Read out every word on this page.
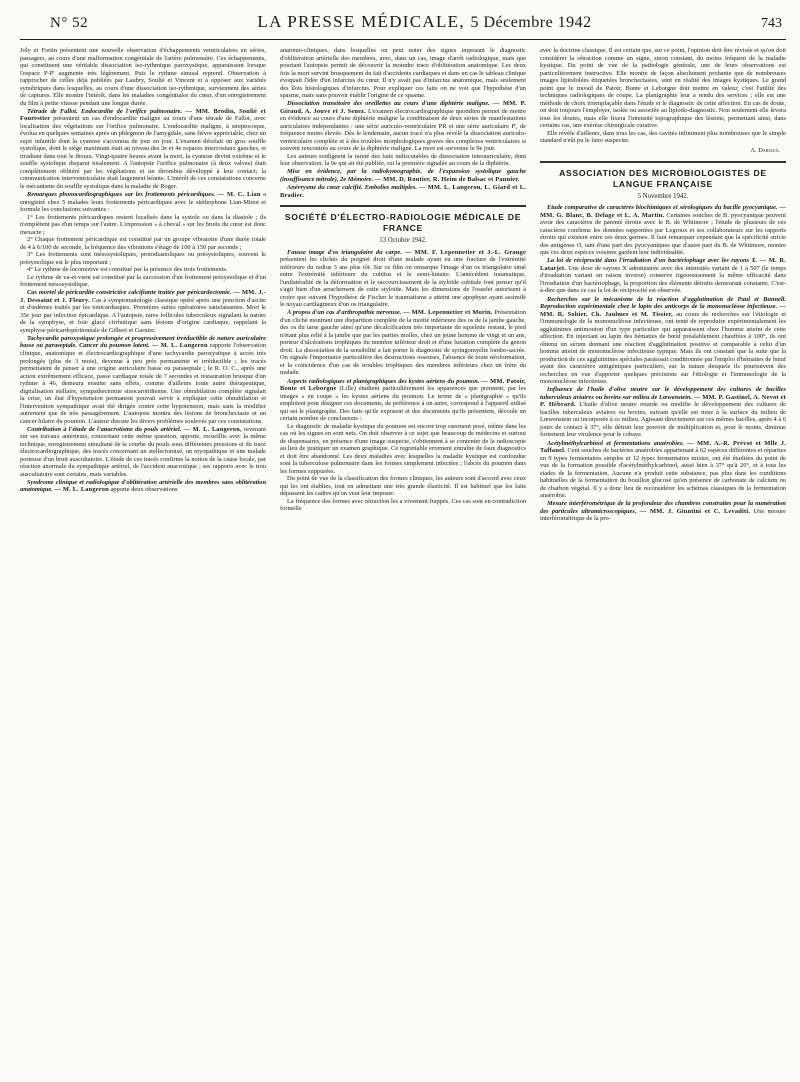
N° 52	LA PRESSE MÉDICALE, 5 Décembre 1942	743

Joly et Fortin présentent une nouvelle observation d'échappements ventriculaires en séries, passagers, au cours d'une malformation congénitale de l'artère pulmonaire. Ces échappements, qui constituent une véritable dissociation iso-rythmique paroxystique, apparaissent lorsque l'espace P-P' augmente très légèrement. Puis le rythme sinusal reprend. Observation à rapprocher de celles déjà publiées par Laubry, Soulié et Vincent et à opposer aux variétés symétriques dans lesquelles, au cours d'une dissociation iso-rythmique, surviennent des séries de captures. Elle montre l'intérêt, dans les maladies congénitales du cœur, d'un enregistrement du film à petite vitesse pendant une longue durée.

Tétrade de Fallot. Endocardite de l'orifice pulmonaire. — MM. Brodin, Soulié et Fourestier présentent un cas d'endocardite maligne au cours d'une tétrade de Fallot, avec localisation des végétations sur l'orifice pulmonaire. L'endocardite maligne, à streptocoque, évolua en quelques semaines après un phlegmon de l'amygdale, sans fièvre appréciable, chez un sujet infantile dont la cyanose s'accentua de jour en jour. L'examen décelait un gros souffle systolique, dont le siège maximum était au niveau des 3e et 4e espaces intercostaux gauches, et irradiant dans tout le thorax. Vingt-quatre heures avant la mort, la cyanose devint extrême et le souffle systolique disparut totalement. A l'autopsie l'orifice pulmonaire (à deux valves) était complètement oblitéré par les végétations et un thrombus développé à leur contact; la communication interventriculaire était largement béante. L'intérêt de ces constatations concerne le mécanisme du souffle systolique dans la maladie de Roger.

Remarques phonocardiographiques sur les frottements péricardiques. — M. C. Lian a enregistré chez 5 malades leurs frottements péricardiques avec le stéthophone Lian-Minot et formule les conclusions suivantes :

1° Les frottements péricardiques restent localisés dans la systole ou dans la diastole ; ils n'empiètent pas d'un temps sur l'autre. L'expression « à cheval » sur les bruits du cœur est donc inexacte ;

2° Chaque frottement péricardique est constitué par un groupe vibratoire d'une durée totale de 4 à 6/100 de seconde, la fréquence des vibrations s'étage de 100 à 150 par seconde ;

3° Les frottements sont mésosystoliques, protodiastoliques ou présystoliques, souvent le présystolique est le plus important ;

4° Le rythme de locomotive est constitué par la présence des trois frottements.

Le rythme de va-et-vient est constitué par la succession d'un frottement présystolique et d'un frottement mésosystolique.

Cas mortel de péricardite constrictive calcifiante traitée par péricardectomie. — MM. J.-J. Dessaint et J. Fleury. Cas à symptomatologie classique opéré après une ponction d'ascite et d'œdèmes traités par les tonicardiaques. Premières suites opératoires satisfaisantes. Mort le 35e jour par infection épicardique. A l'autopsie, rares follicules tuberculeux signalant la nature de la symphyse, et foie glacé cirrhotique sans lésions d'origine cardiaque, rappelant la symphyse péricardopéritonéale de Gilbert et Garnier.

Tachycardie paroxystique prolongée et progressivement irréductible de nature auriculaire basse ou paraseptale. Cancer du poumon latent. — M. L. Langeron rapporte l'observation clinique, anatomique et électrocardiographique d'une tachycardie paroxystique à accès très prolongés (plus de 3 mois), devenue à peu près permanente et irréductible ; les tracés permettaient de penser à une origine auriculaire basse ou paraseptale ; le R. O. C., après une action extrêmement efficace, passe cardiaque totale de 7 secondes et restauration brusque d'un rythme à 46, demeura ensuite sans effets, comme d'ailleurs toute autre thérapeutique, digitalisation stellaire, sympathectomie sinocarotidienne. Une obnubilation complète signalait la crise, un état d'hypotension permanent pouvait servir à expliquer cette obnubilation et l'intervention sympathique avait été dirigée contre cette hypotension, mais sans la modifier autrement que de très passagèrement. L'autopsie montra des lésions de bronchectasie et un cancer hilaire du poumon. L'auteur discute les divers problèmes soulevés par ces constatations.

Contribution à l'étude de l'anacrotisme du pouls artériel. — M. L. Langeron, revenant sur ses travaux antérieurs, concernant cette même question, apporte, recueillis avec la même technique, enregistrement simultané de la courbe du pouls sous différentes pressions et du tracé électrocardiographique, des tracés concernant un stellectomisé, un myopathique et une malade porteuse d'un bruit auscultatoire. L'étude de ces tracés confirme la notion de la cause locale, par réaction anormale du sympathique artériel, de l'accident anacrotique ; ses rapports avec le trou auscultatoire sont certains, mais variables.

Syndrome clinique et radiologique d'oblitération artérielle des membres sans oblitération anatomique. — M. L. Langeron apporte deux observations

anatomo-cliniques, dans lesquelles on peut noter des signes imposant le diagnostic d'oblitération artérielle des membres, avec, dans un cas, image d'arrêt radiologique, mais que pourtant l'autopsie permit de découvrir la moindre trace d'oblitération anatomique. Les deux fois la mort survint brusquement du fait d'accidents cardiaques et dans un cas le tableau clinique évoquait l'idée d'un infarctus du cœur. Il n'y avait pas d'infarctus anatomique, mais seulement des îlots histologiques d'infarctus. Pour expliquer ces faits on ne voit que l'hypothèse d'un spasme, mais sans pouvoir établir l'origine de ce spasme.

Dissociation transitoire des oreillettes au cours d'une diphtérie maligne. — MM. P. Giraud, A. Jouve et J. Senez. L'examen électrocardiographique quotidien permet de mettre en évidence au cours d'une diphtérie maligne la combinaison de deux séries de manifestations auriculaires indépendantes : une série auriculo-ventriculaire PR et une série auriculaire P', de fréquence moins élevée. Dès le lendemain, aucun tracé n'a plus révélé la dissociation auriculo-ventriculaire complète et à des troubles morphologiques graves des complexes ventriculaires si souvent rencontrés au cours de la diphtérie maligne. La mort est survenue le 9e jour.

Les auteurs soulignent la rareté des faits indiscutables de dissociation interauriculaire, dont leur observation, la 9e qui ait été publiée, est la première signalée au cours de la diphtérie.

Mise en évidence, par la radiokymographie, de l'expansion systolique gauche (insuffisance mitrale), 2e Mémoire. — MM. D. Routier, R. Heim de Balsac et Pannier.

Anévrysme du cœur calcifié. Embolies multiples. — MM. L. Langeron, L. Giard et L. Bradier.

SOCIÉTÉ D'ÉLECTRO-RADIOLOGIE MÉDICALE DE FRANCE
13 Octobre 1942.

Fausse image d'os triangulaire du carpe. — MM. F. Lepennetier et J.-L. Grange présentent les clichés du poignet droit d'une malade ayant eu une fracture de l'extrémité inférieure du radius 3 ans plus tôt. Sur ce film on remarque l'image d'un os triangulaire situé entre l'extrémité inférieure du cubitus et le semi-lunaire. L'antécédent traumatique, l'unilatéralité de la déformation et le raccourcissement de la styloïde cubitale font penser qu'il s'agit bien d'un arrachement de cette styloïde. Mais les dimensions de l'osselet autorisent à croire que suivant l'hypothèse de Fischer le traumatisme a atteint une apophyse ayant assimilé le noyau cartilagineux d'un os triangulaire.

A propos d'un cas d'arthropathie nerveuse. — MM. Lepennetier et Morin. Présentation d'un cliché montrant une disparition complète de la moitié inférieure des os de la jambe gauche, des os du tarse gauche ainsi qu'une décalcification très importante du squelette restant, le pied n'étant plus relié à la jambe que par les parties molles, chez un jeune homme de vingt et un ans, porteur d'ulcérations trophiques du membre inférieur droit et d'une luxation complète du genou droit. La dissociation de la sensibilité a fait porter le diagnostic de syringomyélie lombo-sacrée. On signale l'importance particulière des destructions osseuses, l'absence de toute néoformation, et la coïncidence d'un cas de troubles trophiques des membres inférieurs chez un frère du malade.

Aspects radiologiques et planigraphiques des kystes aériens du poumon. — MM. Patoir, Bonte et Leborgne (Lille) étudient particulièrement les apparences que prennent, par les images « en coupe » les kystes aériens du poumon. Le terme de « planigraphie » qu'ils emploient pour désigner ces documents, de préférence à un autre, correspond à l'appareil utilisé qui est le planigraphe. Des faits qu'ils exposent et des documents qu'ils présentent, découle un certain nombre de conclusions :

Le diagnostic de maladie kystique du poumon est encore trop rarement posé, même dans les cas où les signes en sont nets. On doit observer à ce sujet que beaucoup de médecins et surtout de dispensaires, en présence d'une image suspecte, s'obtiennent à se contenter de la radioscopie au lieu de pratiquer un examen graphique. Ce regrettable errement entraîne de faux diagnostics et doit être abandonné. Les deux maladies avec lesquelles la maladie kystique est confondue sont la tuberculose pulmonaire dans les formes simplement infectées ; l'abcès du poumon dans les formes suppurées.

Du point de vue de la classification des formes cliniques, les auteurs sont d'accord avec ceux qui les ont établies, tout en admettant une très grande élasticité. Il est habituel que les faits dépassent les cadres qu'on veut leur imposer.

La fréquence des formes avec rétraction les a vivement frappés. Ces cas sont en contradiction formelle

avec la doctrine classique. Il est certain que, sur ce point, l'opinion doit être révisée et qu'on doit considérer la rétraction comme un signe, sinon constant, du moins fréquent de la maladie kystique. Du point de vue de la pathologie générale, une de leurs observations est particulièrement instructive. Elle montre de façon absolument probante que de nombreuses images lipiodolées étiquetées bronchectasies, sont en réalité des images kystiques. Le grand point que le travail de Patoir, Bonte et Leborgne doit mettre en valeur, c'est l'utilité des techniques radiologiques de coupe. La planigraphie leur a rendu des services ; elle est une méthode de choix irremplaçable dans l'étude et le diagnostic de cette affection. En cas de doute, on doit toujours l'employer, isolée ou associée au lipiodo-diagnostic. Non seulement elle lèvera tous les doutes, mais elle fixera l'intensité topographique des lésions, permettant ainsi, dans certains cas, une exérèse chirurgicale curative.

Elle révèle d'ailleurs, dans tous les cas, des cavités infiniment plus nombreuses que le simple standard n'eût pu le faire suspecter.

A. Dariaux.
ASSOCIATION DES MICROBIOLOGISTES DE LANGUE FRANÇAISE
5 Novembre 1942.

Etude comparative de caractères biochimiques et sérologiques du bacille pyocyanique. — MM. G. Blanc, B. Delage et L. A. Martin. Certaines souches de B. pyocyanique peuvent avoir des caractères de parenté étroite avec le B. de Whitmore ; l'étude de plusieurs de ces caractères confirme les données rapportées par Legroux et ses collaborateurs sur les rapports étroits qui existent entre ces deux germes. Il faut remarquer cependant que la spécificité stricte des antigènes O, tant d'une part des pyocyaniques que d'autre part du B. de Whitmore, montre que ces deux espèces voisines gardent leur individualité.

La loi de réciprocité dans l'irradiation d'un bactériophage avec les rayons X. — M. R. Latarjet. Une dose de rayons X administrée avec des intensités variant de 1 à 507 (le temps d'irradiation variant en raison inverse) conserve rigoureusement la même efficacité dans l'irradiation d'un bactériophage, la proportion des éléments détruits demeurant constante. C'est-à-dire que dans ce cas la loi de réciprocité est observée.

Recherches sur le mécanisme de la réaction d'agglutination de Paul et Bunnell. Reproduction expérimentale chez le lapin des anticorps de la mononucléose infectieuse. — MM. R. Sohier, Ch. Jaulmes et M. Tissier, au cours de recherches sur l'étiologie et l'immunologie de la mononucléose infectieuse, ont tenté de reproduire expérimentalement les agglutinines antimouton d'un type particulier qui apparaissent chez l'homme atteint de cette affection. En injectant au lapin des hématies de bœuf préalablement chauffées à 100°, ils ont obtenu un sérum donnant une réaction d'agglutination positive et comparable à celui d'un homme atteint de mononucléose infectieuse typique. Mais ils ont constaté que la suite que la production de ces agglutinines spéciales paraissait conditionnée par l'emploi d'hématies de bœuf ayant des caractères antigéniques particuliers, sur la nature desquels ils poursuivent des recherches en vue d'apporter quelques précisions sur l'étiologie et l'immunologie de la mononucléose infectieuse.

Influence de l'huile d'olive neutre sur le développement des cultures de bacilles tuberculeux aviaires ou bovins sur milieu de Lœwenstein. — MM. P. Gastinel, A. Nevot et P. Hébrard. L'huile d'olive neutre retarde ou modifie le développement des cultures de bacilles tuberculeux aviaires ou bovins, suivant qu'elle est mise à la surface du milieu de Lœwenstein ou incorporée à ce milieu. Agissant directement sur ces mêmes bacilles, après 4 à 6 jours de contact à 37°, elle détruit leur pouvoir de multiplication et, pour le moins, diminue fortement leur virulence pour le cobaye.

Acétylméthylcarbinol et fermentations anaérobies. — MM. A.-R. Prévot et Mlle J. Taffanel. Cent souches de bactéries anaérobies appartenant à 62 espèces différentes et réparties en 9 types fermentaires simples et 12 types fermentaires mixtes, ont été étudiées du point de vue de la formation possible d'acétylméthylcarbinol, aussi bien à 37° qu'à 26°, et à tous les stades de la fermentation. Aucune n'a produit cette substance, pas plus dans les conditions habituelles de la fermentation du bouillon glucosé qu'en présence de carbonate de calcium ou de charbon végétal. Il y a donc lieu de reconsidérer les schémas classiques de la fermentation anaérobie.

Mesure interférométrique de la profondeur des chambres construites pour la numération des particules ultramicroscopiques. — MM. J. Giuntini et C. Levaditi. Une mesure interférométrique de la pro-
